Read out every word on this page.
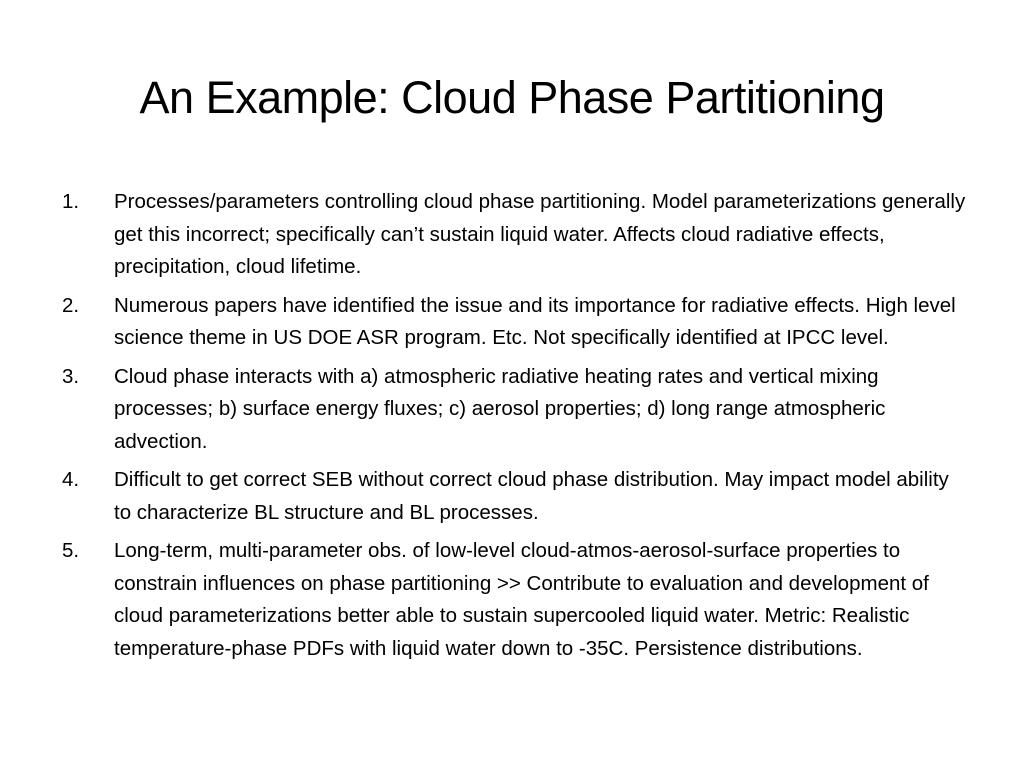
An Example: Cloud Phase Partitioning
1. Processes/parameters controlling cloud phase partitioning. Model parameterizations generally get this incorrect; specifically can’t sustain liquid water. Affects cloud radiative effects, precipitation, cloud lifetime.
2. Numerous papers have identified the issue and its importance for radiative effects. High level science theme in US DOE ASR program. Etc. Not specifically identified at IPCC level.
3. Cloud phase interacts with a) atmospheric radiative heating rates and vertical mixing processes; b) surface energy fluxes; c) aerosol properties; d) long range atmospheric advection.
4. Difficult to get correct SEB without correct cloud phase distribution. May impact model ability to characterize BL structure and BL processes.
5. Long-term, multi-parameter obs. of low-level cloud-atmos-aerosol-surface properties to constrain influences on phase partitioning >> Contribute to evaluation and development of cloud parameterizations better able to sustain supercooled liquid water. Metric: Realistic temperature-phase PDFs with liquid water down to -35C. Persistence distributions.
